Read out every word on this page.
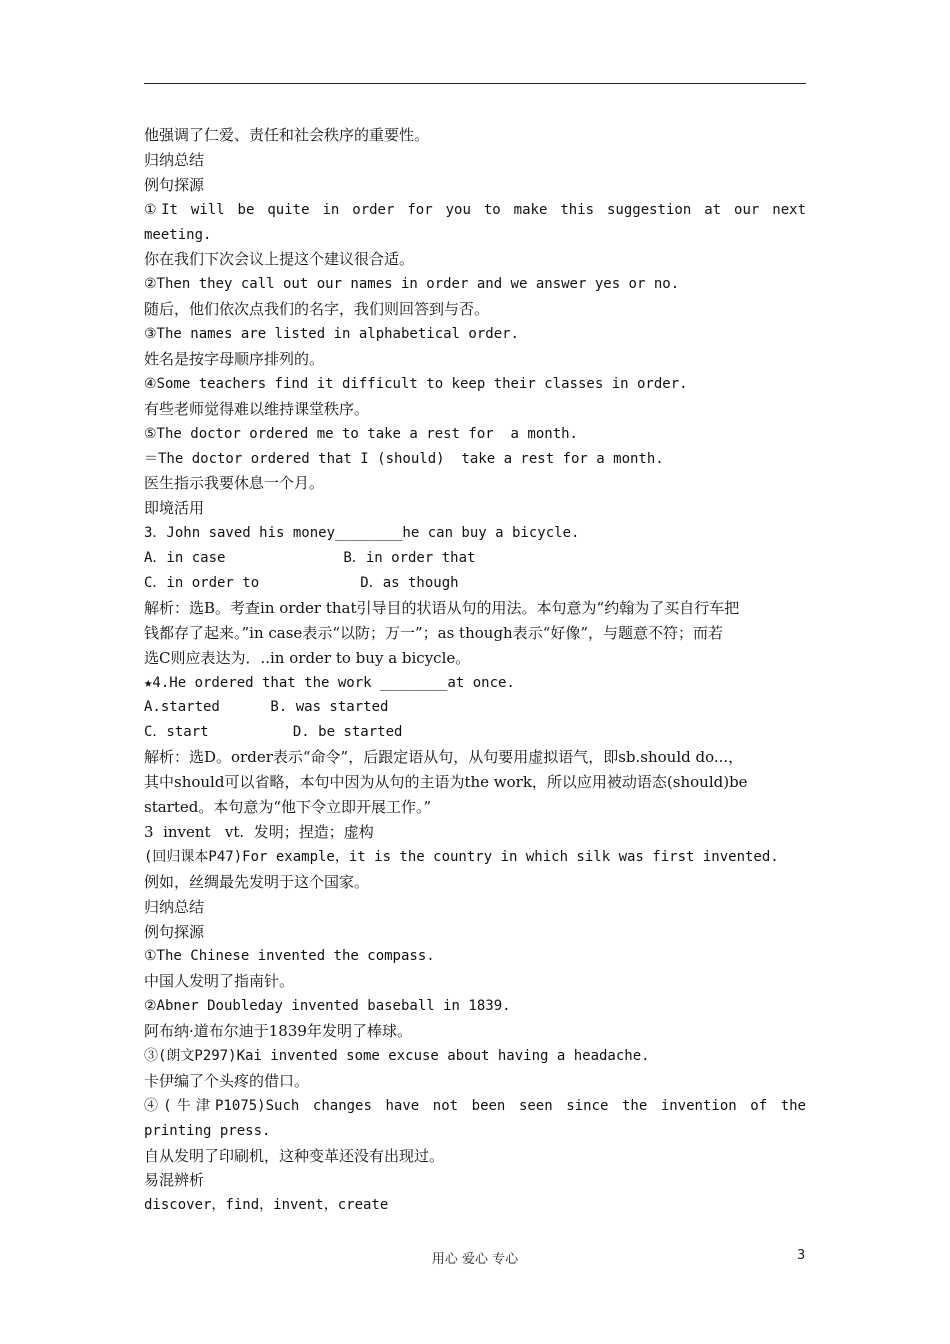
他强调了仁爱、责任和社会秩序的重要性。
归纳总结
例句探源
①It will be quite in order for you to make this suggestion at our next
meeting.
你在我们下次会议上提这个建议很合适。
②Then they call out our names in order and we answer yes or no.
随后，他们依次点我们的名字，我们则回答到与否。
③The names are listed in alphabetical order.
姓名是按字母顺序排列的。
④Some teachers find it difficult to keep their classes in order.
有些老师觉得难以维持课堂秩序。
⑤The doctor ordered me to take a rest for  a month.
＝The doctor ordered that I (should)  take a rest for a month.
医生指示我要休息一个月。
即境活用
3．John saved his money________he can buy a bicycle.
A．in case              B．in order that
C．in order to            D．as though
解析：选B。考查in order that引导目的状语从句的用法。本句意为“约翰为了买自行车把
钱都存了起来。”in case表示“以防；万一”；as though表示“好像”，与题意不符；而若
选C则应表达为．..in order to buy a bicycle。
★4.He ordered that the work ________at once.
A.started      B. was started
C．start          D. be started
解析：选D。order表示“命令”，后跟定语从句，从句要用虚拟语气，即sb.should do...，
其中should可以省略，本句中因为从句的主语为the work，所以应用被动语态(should)be
started。本句意为“他下令立即开展工作。”
3  invent   vt.  发明；捏造；虚构
(回归课本P47)For example，it is the country in which silk was first invented.
例如，丝绸最先发明于这个国家。
归纳总结
例句探源
①The Chinese invented the compass.
中国人发明了指南针。
②Abner Doubleday invented baseball in 1839.
阿布纳·道布尔迪于1839年发明了棒球。
③(朗文P297)Kai invented some excuse about having a headache.
卡伊编了个头疼的借口。
④(牛津P1075)Such changes have not been seen since the invention of the
printing press.
自从发明了印刷机，这种变革还没有出现过。
易混辨析
discover，find，invent，create
用心 爱心 专心	3
